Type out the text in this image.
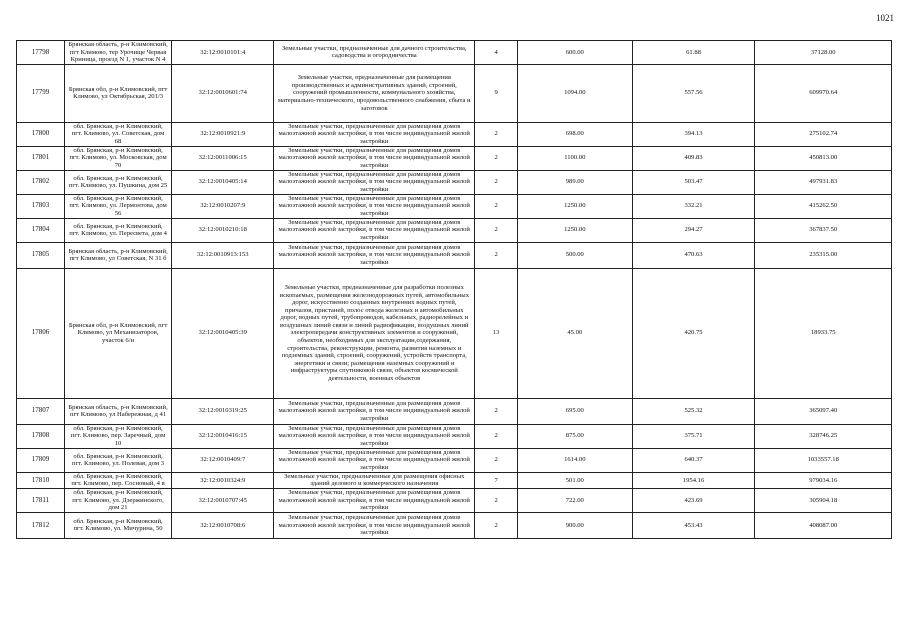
1021
17798	Брянская область, р-н Климовский, пгт Климово, тер Урочище Червая Криница, проезд N 1, участок N 4	32:12:0010101:4	Земельные участки, предназначенные для дачного строительства, садоводства и огородничества	4	600.00	61.88	37128.00
17799	Брянская обл, р-н Климовский, пгт Климово, ул Октябрьская, 201/3	32:12:0010601:74	Земельные участки, предназначенные для размещения производственных и административных зданий, строений, сооружений промышленности, коммунального хозяйства, материально-технического, продовольственного снабжения, сбыта и заготовок	9	1094.00	557.56	609970.64
17800	обл. Брянская, р-н Климовский, пгт. Климово, ул. Советская, дом 68	32:12:0010921:9	Земельные участки, предназначенные для размещения домов малоэтажной жилой застройки, в том числе индивидуальной жилой застройки	2	698.00	394.13	275102.74
17801	обл. Брянская, р-н Климовский, пгт. Климово, ул. Московская, дом 70	32:12:0011006:15	Земельные участки, предназначенные для размещения домов малоэтажной жилой застройки, в том числе индивидуальной жилой застройки	2	1100.00	409.83	450813.00
17802	обл. Брянская, р-н Климовский, пгт. Климово, ул. Пушкина, дом 25	32:12:0010405:14	Земельные участки, предназначенные для размещения домов малоэтажной жилой застройки, в том числе индивидуальной жилой застройки	2	989.00	503.47	497931.83
17803	обл. Брянская, р-н Климовский, пгт. Климово, ул. Лермонтова, дом 56	32:12:0010207:9	Земельные участки, предназначенные для размещения домов малоэтажной жилой застройки, в том числе индивидуальной жилой застройки	2	1250.00	332.21	415262.50
17804	обл. Брянская, р-н Климовский, пгт. Климово, ул. Пересвета, дом 4	32:12:0010210:18	Земельные участки, предназначенные для размещения домов малоэтажной жилой застройки, в том числе индивидуальной жилой застройки	2	1250.00	294.27	367837.50
17805	Брянская область, р-н Климовский, пгт Климово, ул Советская, N 31 б	32:12:0010913:153	Земельные участки, предназначенные для размещения домов малоэтажной жилой застройки, в том числе индивидуальной жилой застройки	2	500.00	470.63	235315.00
17806	Брянская обл, р-н Климовский, пгт Климово, ул Механизаторов, участок 6/н	32:12:0010405:39	Земельные участки, предназначенные для разработки полезных ископаемых, размещения железнодорожных путей, автомобильных дорог, искусственно созданных внутренних водных путей, причалов, пристаней, полос отвода железных и автомобильных дорог, водных путей, трубопроводов, кабельных, радиорелейных и воздушных линий связи и линий радиофикации, воздушных линий электропередачи конструктивных элементов и сооружений, объектов, необходимых для эксплуатации,содержания, строительства, реконструкции, ремонта, развития наземных и подземных зданий, строений, сооружений, устройств транспорта, энергетики и связи; размещения наземных сооружений и инфраструктуры спутниковой связи, объектов космической деятельности, военных объектов	13	45.00	420.75	18933.75
17807	Брянская область, р-н Климовский, пгт Климово, ул Набережная, д 41	32:12:0010319:25	Земельные участки, предназначенные для размещения домов малоэтажной жилой застройки, в том числе индивидуальной жилой застройки	2	695.00	525.32	365097.40
17808	обл. Брянская, р-н Климовский, пгт. Климово, пер. Заречный, дом 10	32:12:0010416:15	Земельные участки, предназначенные для размещения домов малоэтажной жилой застройки, в том числе индивидуальной жилой застройки	2	875.00	375.71	328746.25
17809	обл. Брянская, р-н Климовский, пгт. Климово, ул. Полевая, дом 3	32:12:0010409:7	Земельные участки, предназначенные для размещения домов малоэтажной жилой застройки, в том числе индивидуальной жилой застройки	2	1614.00	640.37	1033557.18
17810	обл. Брянская, р-н Климовский, пгт. Климово, пер. Сосновый, 4 в	32:12:0010324:9	Земельные участки, предназначенные для размещения офисных зданий делового и коммерческого назначения	7	501.00	1954.16	979034.16
17811	обл. Брянская, р-н Климовский, пгт. Климово, ул. Дзержинского, дом 21	32:12:0010707:45	Земельные участки, предназначенные для размещения домов малоэтажной жилой застройки, в том числе индивидуальной жилой застройки	2	722.00	423.69	305904.18
17812	обл. Брянская, р-н Климовский, пгт. Климово, ул. Мичурина, 50	32:12:0010708:6	Земельные участки, предназначенные для размещения домов малоэтажной жилой застройки, в том числе индивидуальной жилой застройки	2	900.00	453.43	408087.00
